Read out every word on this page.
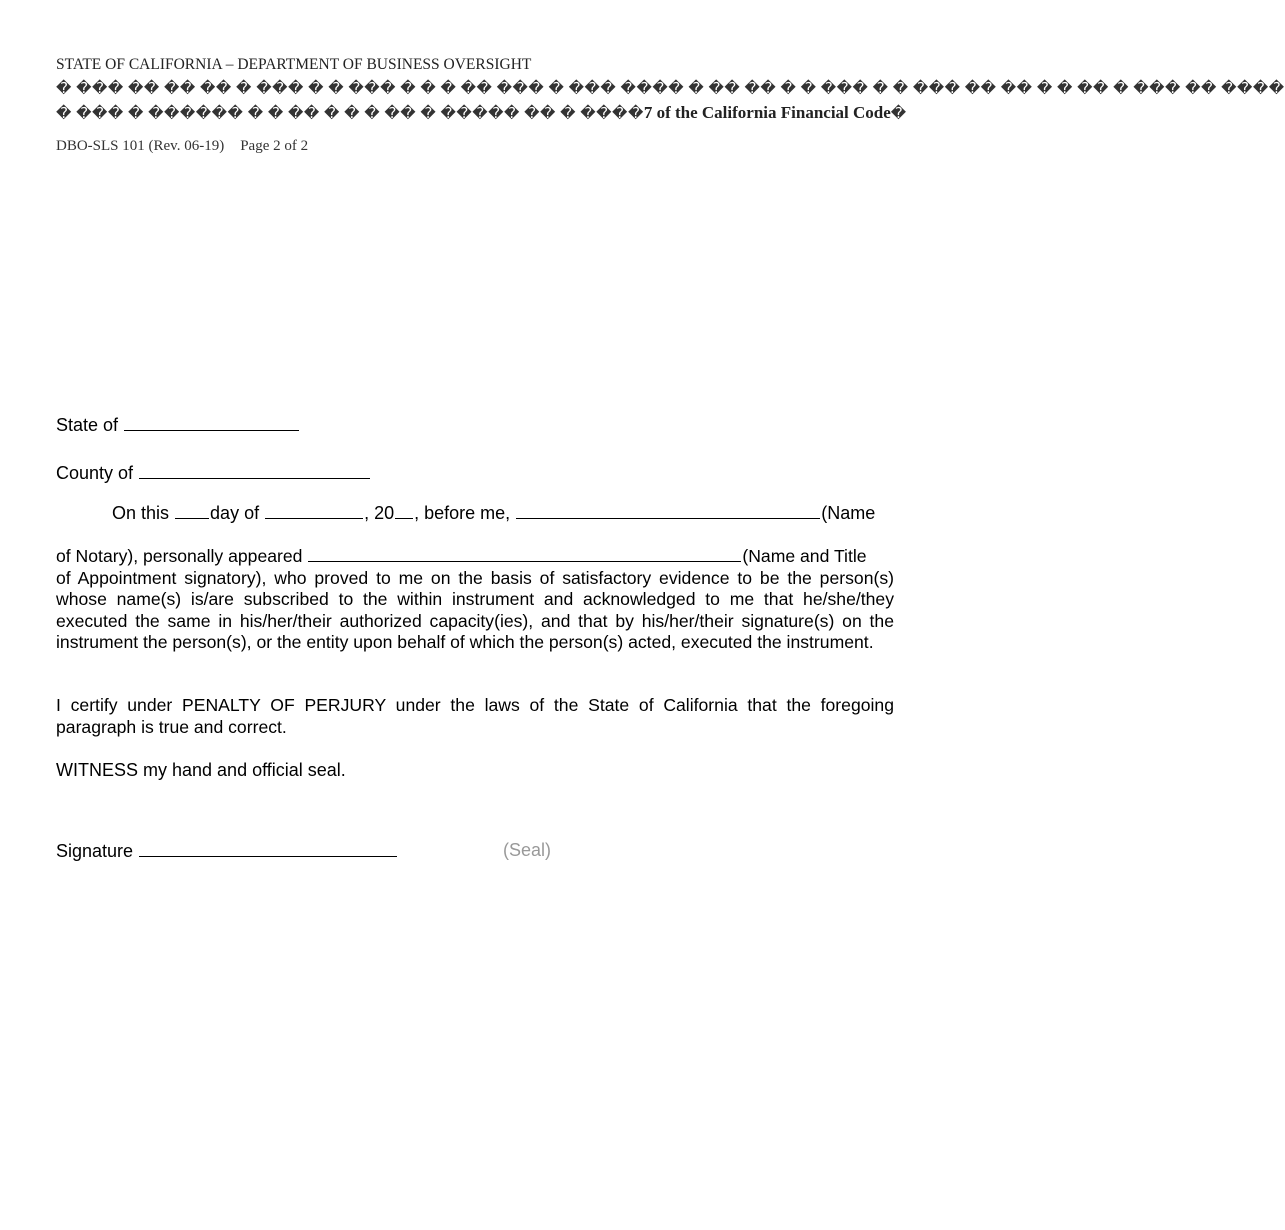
STATE OF CALIFORNIA – DEPARTMENT OF BUSINESS OVERSIGHT
� ��� �� �� �� � ��� � � ��� � � � �� ��� � ��� ���� � �� �� � � ��� � � ��� �� �� � � �� � ��� �� ����
� ��� � ������ � � �� � � � �� � ����� �� � ����7 of the California Financial Code�
DBO-SLS 101 (Rev. 06-19) Page 2 of 2
State of
County of
On this day of	, 20 , before me,	(Name
of Notary), personally appeared	(Name and Title
of Appointment signatory), who proved to me on the basis of satisfactory evidence to be the person(s) whose name(s) is/are subscribed to the within instrument and acknowledged to me that he/she/they executed the same in his/her/their authorized capacity(ies), and that by his/her/their signature(s) on the instrument the person(s), or the entity upon behalf of which the person(s) acted, executed the instrument.
I certify under PENALTY OF PERJURY under the laws of the State of California that the foregoing paragraph is true and correct.
WITNESS my hand and official seal.
Signature	(Seal)
